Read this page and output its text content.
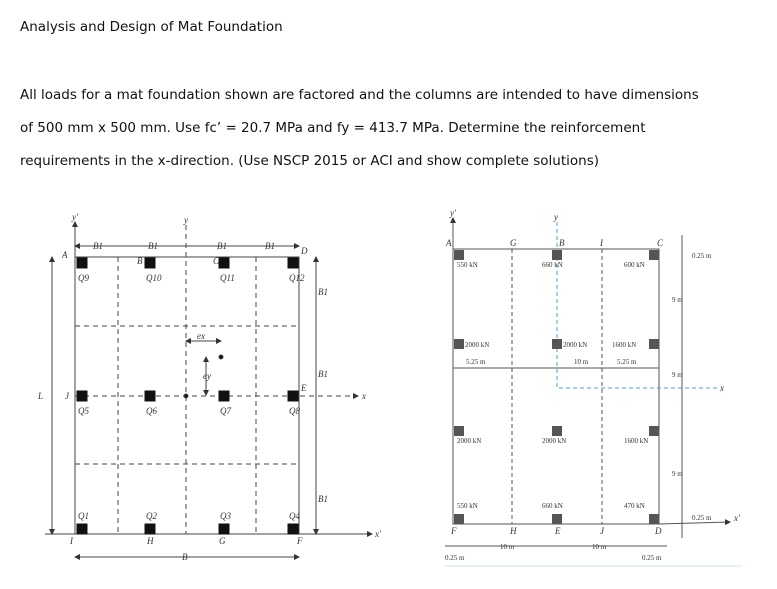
Analysis and Design of Mat Foundation
All loads for a mat foundation shown are factored and the columns are intended to have dimensions
of 500 mm x 500 mm. Use fc’ = 20.7 MPa and fy = 413.7 MPa. Determine the reinforcement
requirements in the x-direction. (Use NSCP 2015 or ACI and show complete solutions)
Q1	Q2	Q3	Q4
Q5	Q6	Q7	Q8
Q9	Q10	Q11	Q12
A
B	C
D
E
F
G
H
I
J
B1	B1	B1	B1
B1
B1
B1
L
B
ex
ey
x
y
x'
y'
550 kN	660 kN	600 kN
2000 kN	2000 kN	1600 kN
2000 kN	2000 kN	1600 kN
550 kN	660 kN	470 kN
A	G	B	I	C
F	H	E	J	D
5.25 m	10 m	5.25 m
9 m
9 m
9 m
0.25 m
0.25 m
10 m	10 m
0.25 m	0.25 m
x
y
x'
y'
